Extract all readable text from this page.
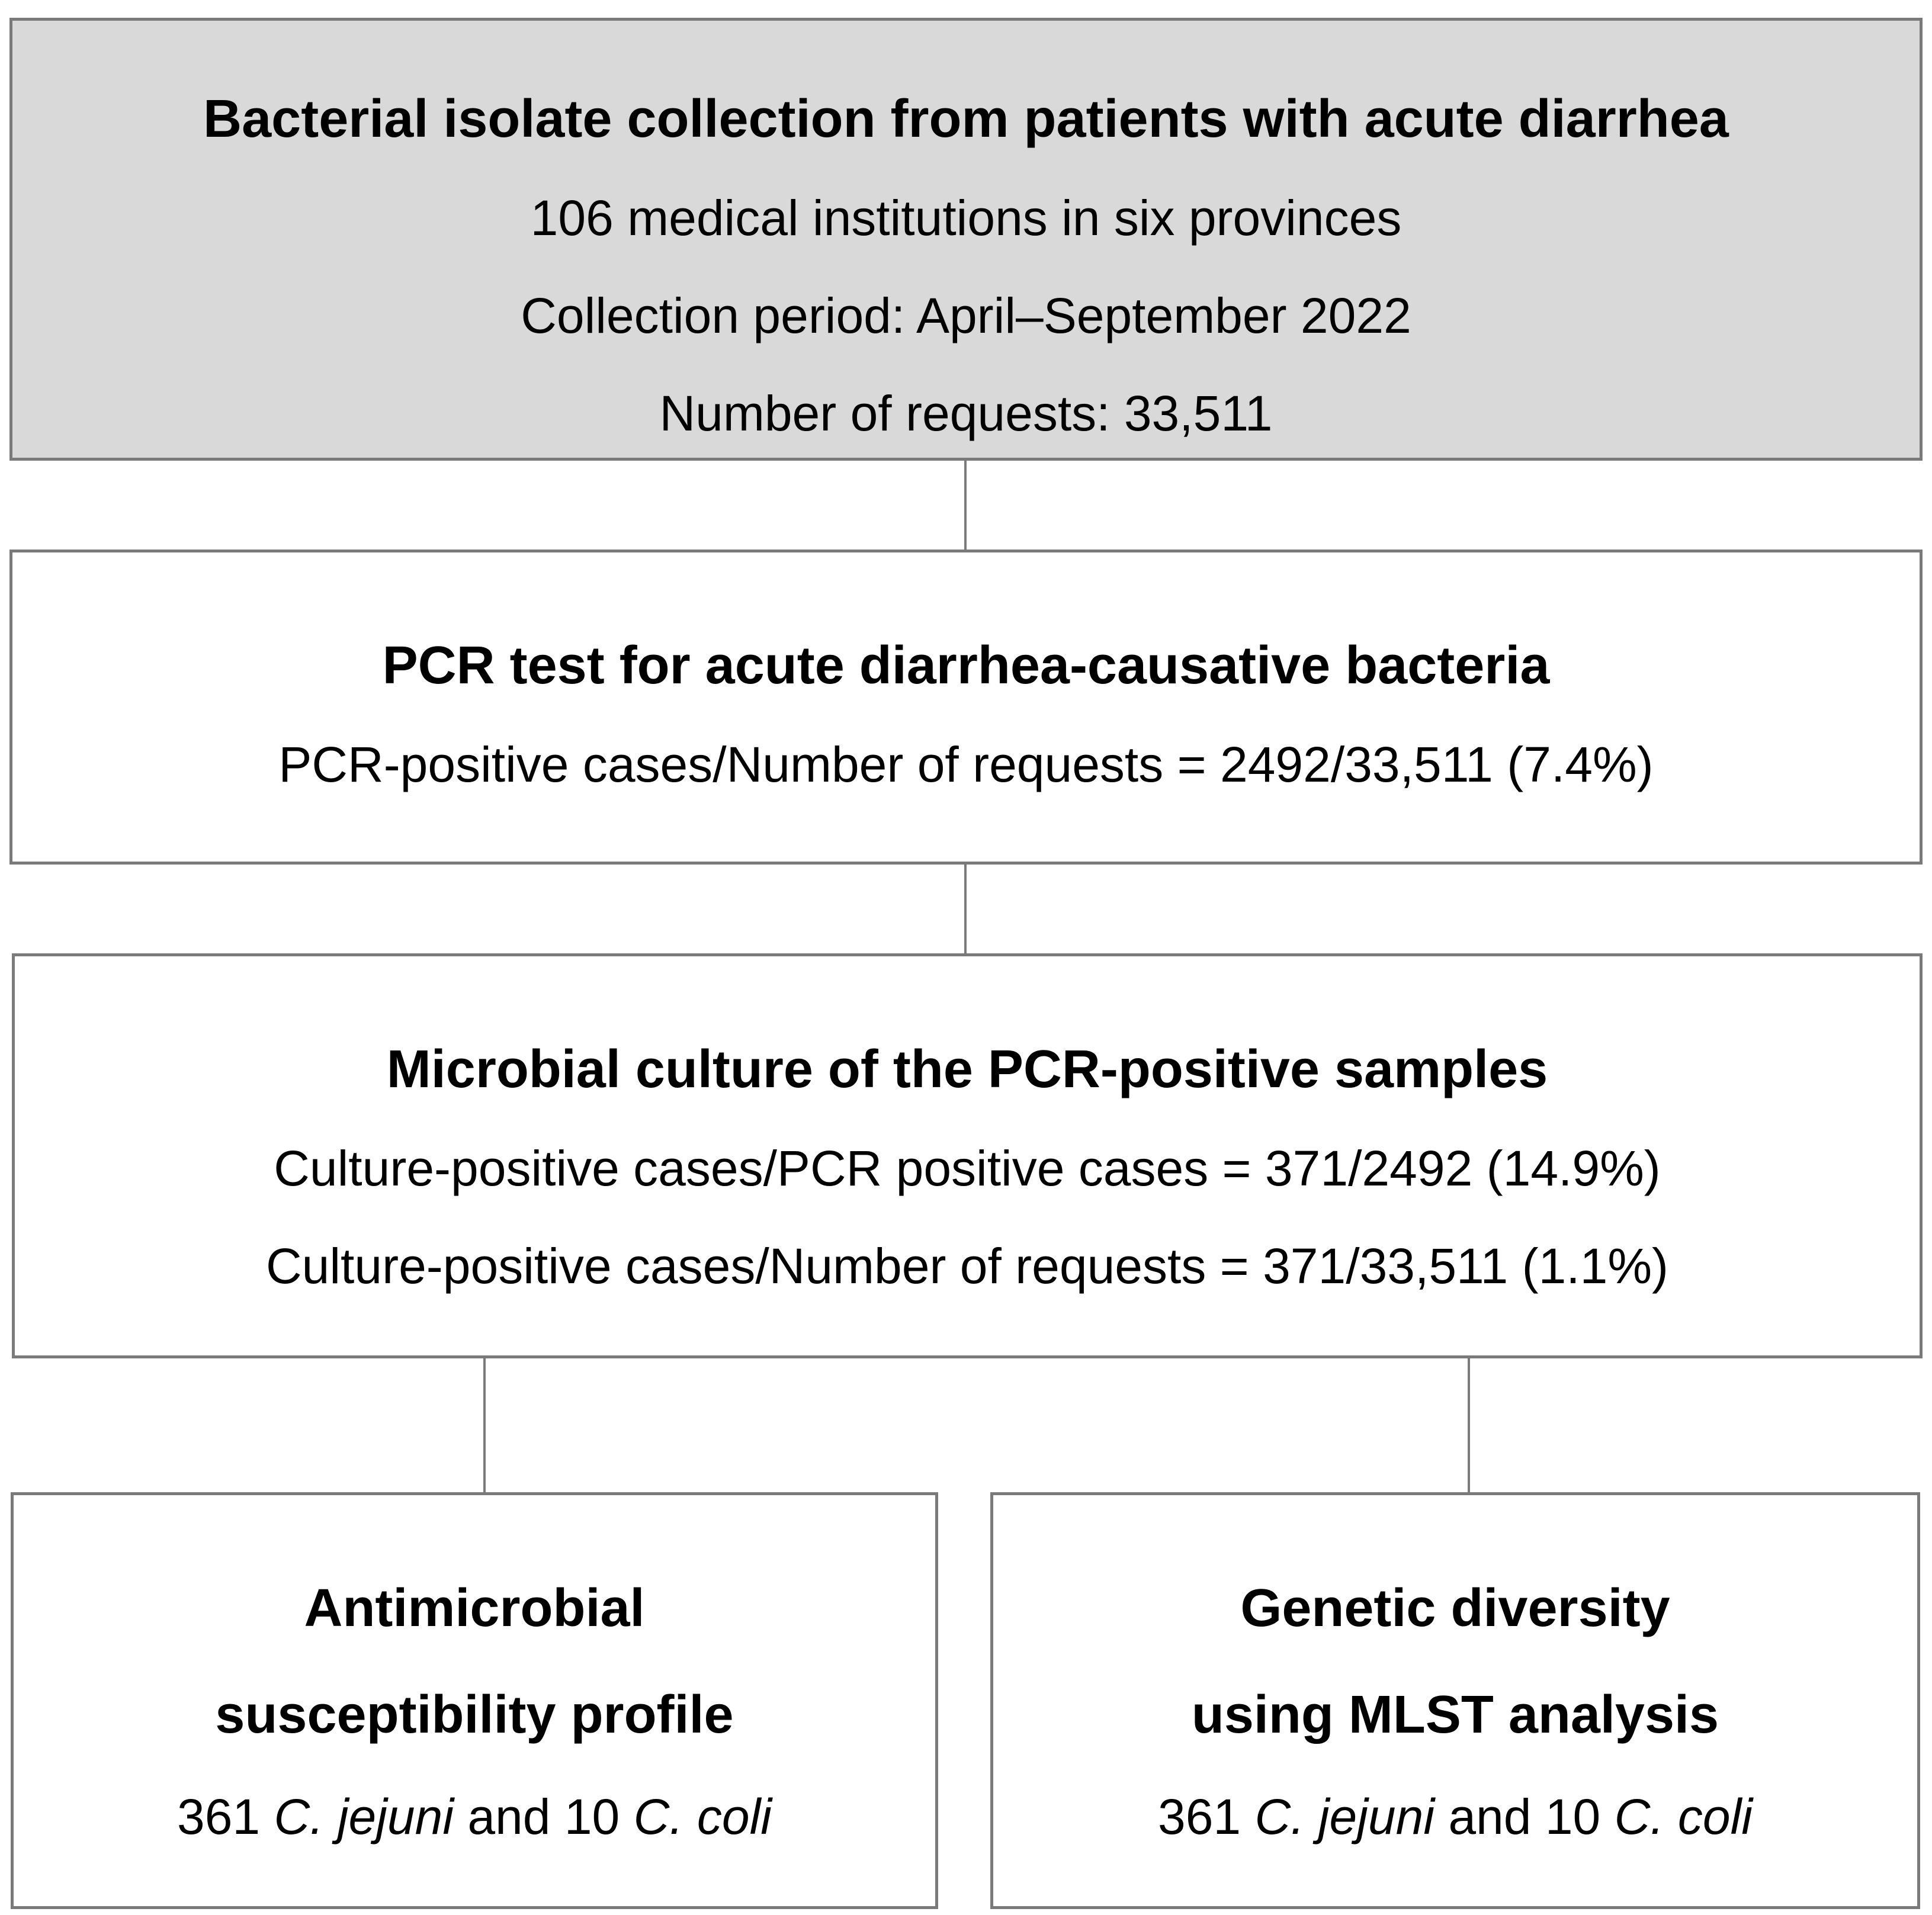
Bacterial isolate collection from patients with acute diarrhea
106 medical institutions in six provinces
Collection period: April–September 2022
Number of requests: 33,511
PCR test for acute diarrhea-causative bacteria
PCR-positive cases/Number of requests = 2492/33,511 (7.4%)
Microbial culture of the PCR-positive samples
Culture-positive cases/PCR positive cases = 371/2492 (14.9%)
Culture-positive cases/Number of requests = 371/33,511 (1.1%)
Antimicrobial
susceptibility profile
361 C. jejuni and 10 C. coli
Genetic diversity
using MLST analysis
361 C. jejuni and 10 C. coli
